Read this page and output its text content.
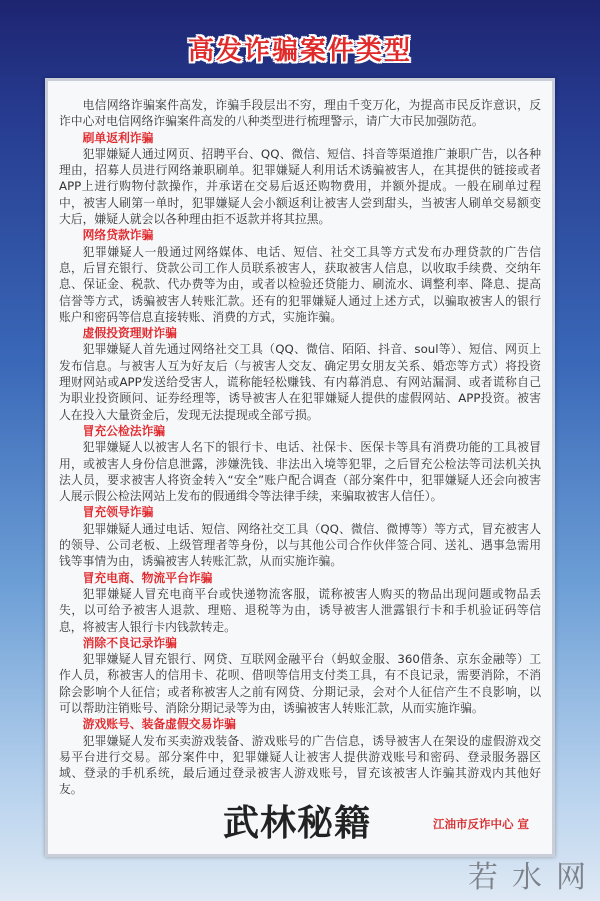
高发诈骗案件类型

电信网络诈骗案件高发，诈骗手段层出不穷，理由千变万化，为提高市民反诈意识，反诈中心对电信网络诈骗案件高发的八种类型进行梳理警示，请广大市民加强防范。

刷单返利诈骗

犯罪嫌疑人通过网页、招聘平台、QQ、微信、短信、抖音等渠道推广兼职广告，以各种理由，招募人员进行网络兼职刷单。犯罪嫌疑人利用话术诱骗被害人，在其提供的链接或者APP上进行购物付款操作，并承诺在交易后返还购物费用，并额外提成。一般在刷单过程中，被害人刷第一单时，犯罪嫌疑人会小额返利让被害人尝到甜头，当被害人刷单交易额变大后，嫌疑人就会以各种理由拒不返款并将其拉黑。

网络贷款诈骗

犯罪嫌疑人一般通过网络媒体、电话、短信、社交工具等方式发布办理贷款的广告信息，后冒充银行、贷款公司工作人员联系被害人，获取被害人信息，以收取手续费、交纳年息、保证金、税款、代办费等为由，或者以检验还贷能力、刷流水、调整利率、降息、提高信誉等方式，诱骗被害人转账汇款。还有的犯罪嫌疑人通过上述方式，以骗取被害人的银行账户和密码等信息直接转账、消费的方式，实施诈骗。

虚假投资理财诈骗

犯罪嫌疑人首先通过网络社交工具（QQ、微信、陌陌、抖音、soul等）、短信、网页上发布信息。与被害人互为好友后（与被害人交友、确定男女朋友关系、婚恋等方式）将投资理财网站或APP发送给受害人，谎称能轻松赚钱、有内幕消息、有网站漏洞、或者谎称自己为职业投资顾问、证券经理等，诱导被害人在犯罪嫌疑人提供的虚假网站、APP投资。被害人在投入大量资金后，发现无法提现或全部亏损。

冒充公检法诈骗

犯罪嫌疑人以被害人名下的银行卡、电话、社保卡、医保卡等具有消费功能的工具被冒用，或被害人身份信息泄露，涉嫌洗钱、非法出入境等犯罪，之后冒充公检法等司法机关执法人员，要求被害人将资金转入“安全”账户配合调查（部分案件中，犯罪嫌疑人还会向被害人展示假公检法网站上发布的假通缉令等法律手续，来骗取被害人信任）。

冒充领导诈骗

犯罪嫌疑人通过电话、短信、网络社交工具（QQ、微信、微博等）等方式，冒充被害人的领导、公司老板、上级管理者等身份，以与其他公司合作伙伴签合同、送礼、遇事急需用钱等事情为由，诱骗被害人转账汇款，从而实施诈骗。

冒充电商、物流平台诈骗

犯罪嫌疑人冒充电商平台或快递物流客服，谎称被害人购买的物品出现问题或物品丢失，以可给予被害人退款、理赔、退税等为由，诱导被害人泄露银行卡和手机验证码等信息，将被害人银行卡内钱款转走。

消除不良记录诈骗

犯罪嫌疑人冒充银行、网贷、互联网金融平台（蚂蚁金服、360借条、京东金融等）工作人员，称被害人的信用卡、花呗、借呗等信用支付类工具，有不良记录，需要消除，不消除会影响个人征信；或者称被害人之前有网贷、分期记录，会对个人征信产生不良影响，以可以帮助注销账号、消除分期记录等为由，诱骗被害人转账汇款，从而实施诈骗。

游戏账号、装备虚假交易诈骗

犯罪嫌疑人发布买卖游戏装备、游戏账号的广告信息，诱导被害人在架设的虚假游戏交易平台进行交易。部分案件中，犯罪嫌疑人让被害人提供游戏账号和密码、登录服务器区域、登录的手机系统，最后通过登录被害人游戏账号，冒充该被害人诈骗其游戏内其他好友。

武林秘籍	江油市反诈中心 宣
若水网
